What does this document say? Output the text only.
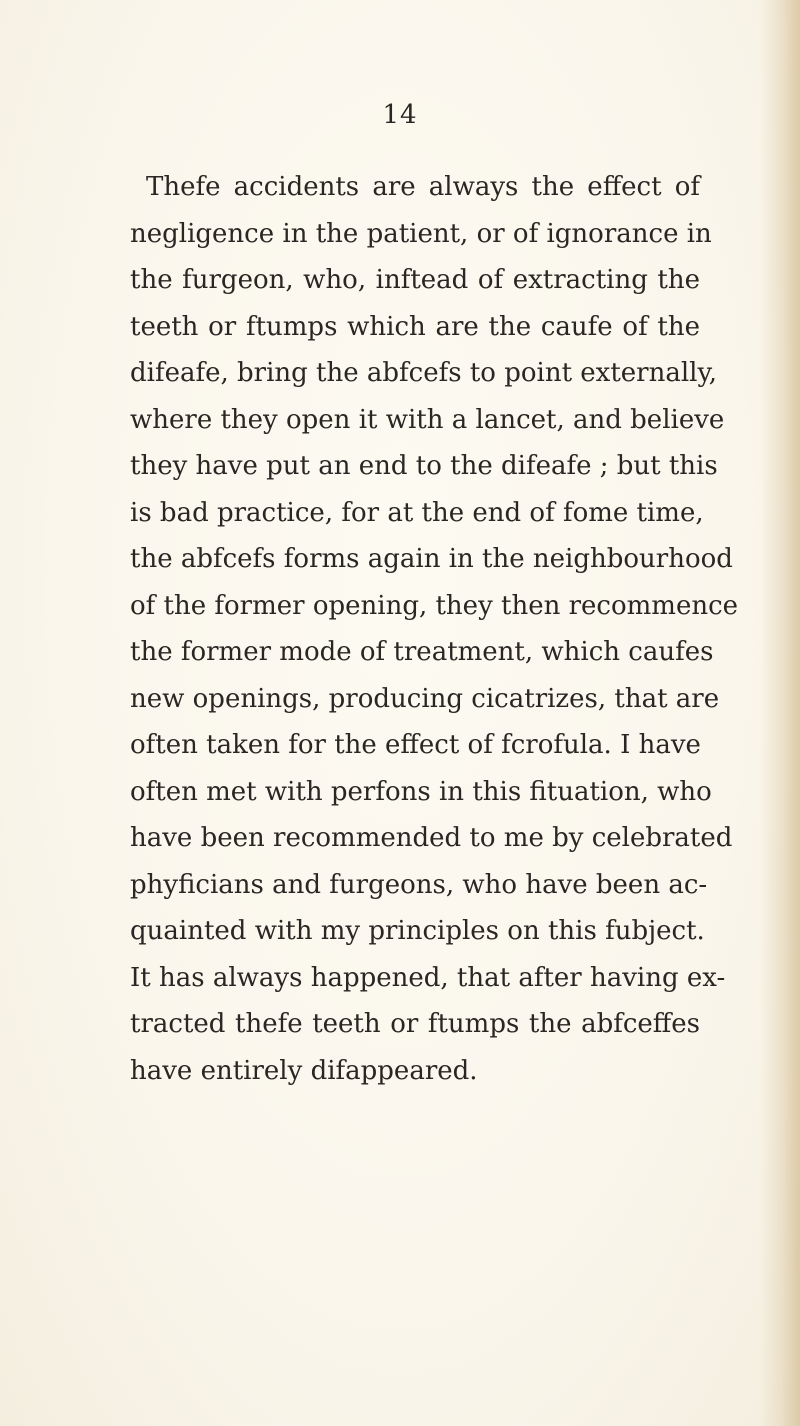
14
Thefe accidents are always the effect of
negligence in the patient, or of ignorance in
the furgeon, who, inftead of extracting the
teeth or ftumps which are the caufe of the
difeafe, bring the abfcefs to point externally,
where they open it with a lancet, and believe
they have put an end to the difeafe ; but this
is bad practice, for at the end of fome time,
the abfcefs forms again in the neighbourhood
of the former opening, they then recommence
the former mode of treatment, which caufes
new openings, producing cicatrizes, that are
often taken for the effect of fcrofula. I have
often met with perfons in this fituation, who
have been recommended to me by celebrated
phyficians and furgeons, who have been ac-
quainted with my principles on this fubject.
It has always happened, that after having ex-
tracted thefe teeth or ftumps the abfceffes
have entirely difappeared.
